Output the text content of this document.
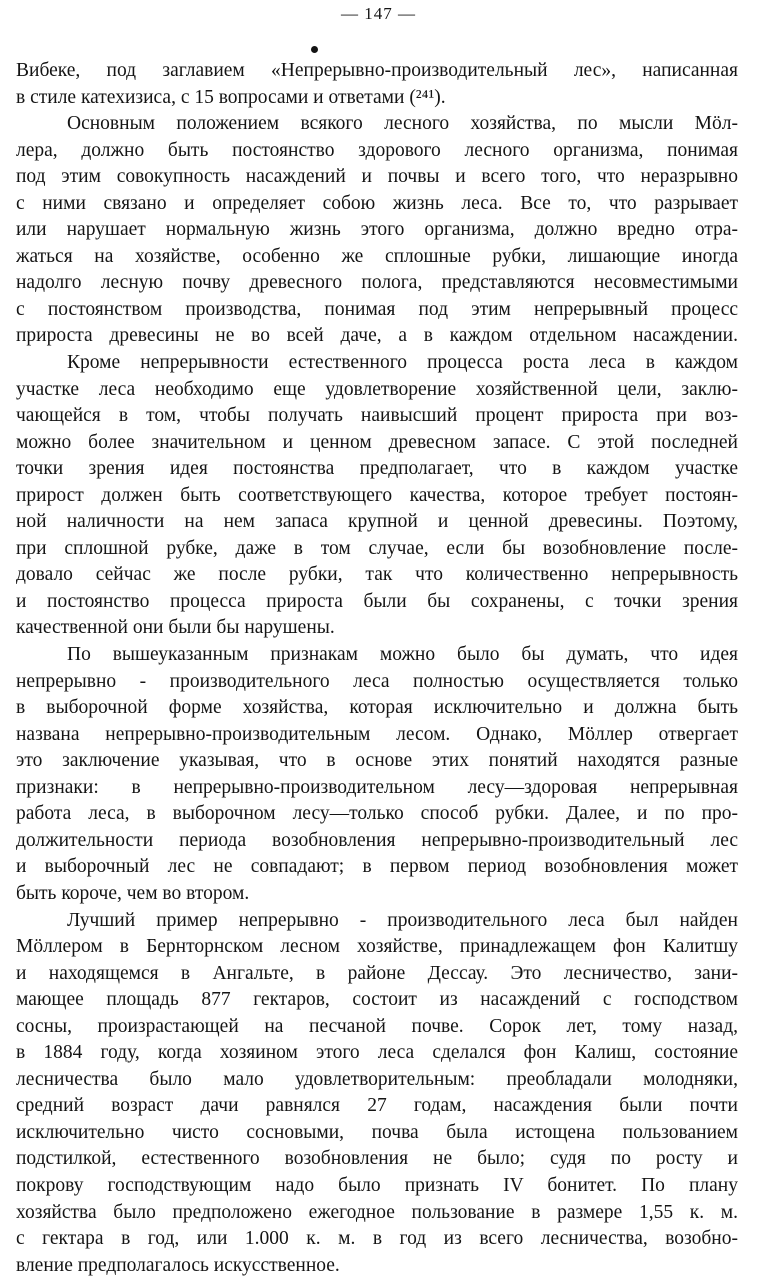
— 147 —
Вибеке, под заглавием «Непрерывно-производительный лес», написанная
в стиле катехизиса, с 15 вопросами и ответами (²⁴¹).
Основным положением всякого лесного хозяйства, по мысли Мöл-
лера, должно быть постоянство здорового лесного организма, понимая
под этим совокупность насаждений и почвы и всего того, что неразрывно
с ними связано и определяет собою жизнь леса. Все то, что разрывает
или нарушает нормальную жизнь этого организма, должно вредно отра-
жаться на хозяйстве, особенно же сплошные рубки, лишающие иногда
надолго лесную почву древесного полога, представляются несовместимыми
с постоянством производства, понимая под этим непрерывный процесс
прироста древесины не во всей даче, а в каждом отдельном насаждении.
Кроме непрерывности естественного процесса роста леса в каждом
участке леса необходимо еще удовлетворение хозяйственной цели, заклю-
чающейся в том, чтобы получать наивысший процент прироста при воз-
можно более значительном и ценном древесном запасе. С этой последней
точки зрения идея постоянства предполагает, что в каждом участке
прирост должен быть соответствующего качества, которое требует постоян-
ной наличности на нем запаса крупной и ценной древесины. Поэтому,
при сплошной рубке, даже в том случае, если бы возобновление после-
довало сейчас же после рубки, так что количественно непрерывность
и постоянство процесса прироста были бы сохранены, с точки зрения
качественной они были бы нарушены.
По вышеуказанным признакам можно было бы думать, что идея
непрерывно - производительного леса полностью осуществляется только
в выборочной форме хозяйства, которая исключительно и должна быть
названа непрерывно-производительным лесом. Однако, Мöллер отвергает
это заключение указывая, что в основе этих понятий находятся разные
признаки: в непрерывно-производительном лесу—здоровая непрерывная
работа леса, в выборочном лесу—только способ рубки. Далее, и по про-
должительности периода возобновления непрерывно-производительный лес
и выборочный лес не совпадают; в первом период возобновления может
быть короче, чем во втором.
Лучший пример непрерывно - производительного леса был найден
Мöллером в Бернторнском лесном хозяйстве, принадлежащем фон Калитшу
и находящемся в Ангальте, в районе Дессау. Это лесничество, зани-
мающее площадь 877 гектаров, состоит из насаждений с господством
сосны, произрастающей на песчаной почве. Сорок лет, тому назад,
в 1884 году, когда хозяином этого леса сделался фон Калиш, состояние
лесничества было мало удовлетворительным: преобладали молодняки,
средний возраст дачи равнялся 27 годам, насаждения были почти
исключительно чисто сосновыми, почва была истощена пользованием
подстилкой, естественного возобновления не было; судя по росту и
покрову господствующим надо было признать IV бонитет. По плану
хозяйства было предположено ежегодное пользование в размере 1,55 к. м.
с гектара в год, или 1.000 к. м. в год из всего лесничества, возобно-
вление предполагалось искусственное.
